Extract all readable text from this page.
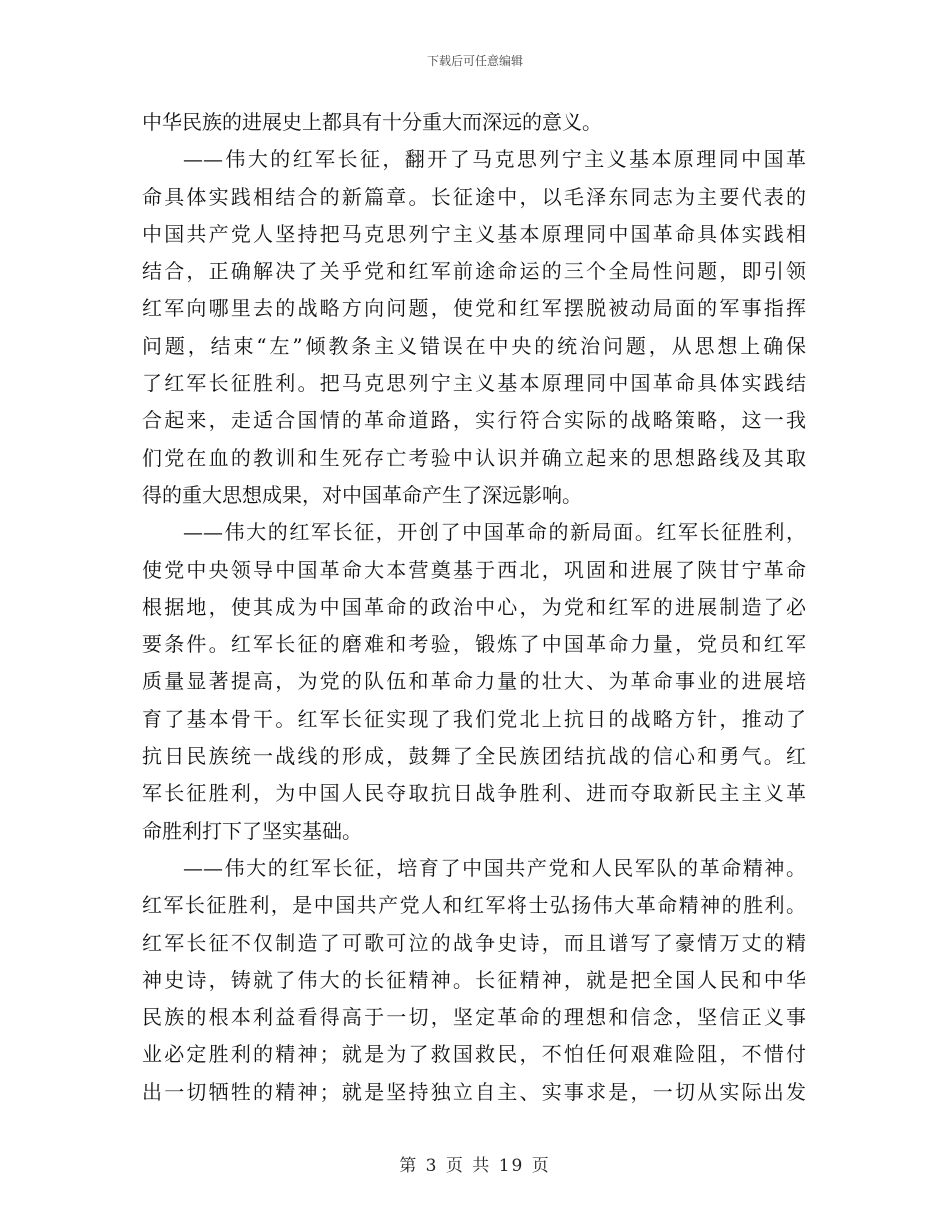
下载后可任意编辑
中华民族的进展史上都具有十分重大而深远的意义。
——伟大的红军长征，翻开了马克思列宁主义基本原理同中国革
命具体实践相结合的新篇章。长征途中，以毛泽东同志为主要代表的
中国共产党人坚持把马克思列宁主义基本原理同中国革命具体实践相
结合，正确解决了关乎党和红军前途命运的三个全局性问题，即引领
红军向哪里去的战略方向问题，使党和红军摆脱被动局面的军事指挥
问题，结束“左”倾教条主义错误在中央的统治问题，从思想上确保
了红军长征胜利。把马克思列宁主义基本原理同中国革命具体实践结
合起来，走适合国情的革命道路，实行符合实际的战略策略，这一我
们党在血的教训和生死存亡考验中认识并确立起来的思想路线及其取
得的重大思想成果，对中国革命产生了深远影响。
——伟大的红军长征，开创了中国革命的新局面。红军长征胜利，
使党中央领导中国革命大本营奠基于西北，巩固和进展了陕甘宁革命
根据地，使其成为中国革命的政治中心，为党和红军的进展制造了必
要条件。红军长征的磨难和考验，锻炼了中国革命力量，党员和红军
质量显著提高，为党的队伍和革命力量的壮大、为革命事业的进展培
育了基本骨干。红军长征实现了我们党北上抗日的战略方针，推动了
抗日民族统一战线的形成，鼓舞了全民族团结抗战的信心和勇气。红
军长征胜利，为中国人民夺取抗日战争胜利、进而夺取新民主主义革
命胜利打下了坚实基础。
——伟大的红军长征，培育了中国共产党和人民军队的革命精神。
红军长征胜利，是中国共产党人和红军将士弘扬伟大革命精神的胜利。
红军长征不仅制造了可歌可泣的战争史诗，而且谱写了豪情万丈的精
神史诗，铸就了伟大的长征精神。长征精神，就是把全国人民和中华
民族的根本利益看得高于一切，坚定革命的理想和信念，坚信正义事
业必定胜利的精神；就是为了救国救民，不怕任何艰难险阻，不惜付
出一切牺牲的精神；就是坚持独立自主、实事求是，一切从实际出发
第 3 页 共 19 页
